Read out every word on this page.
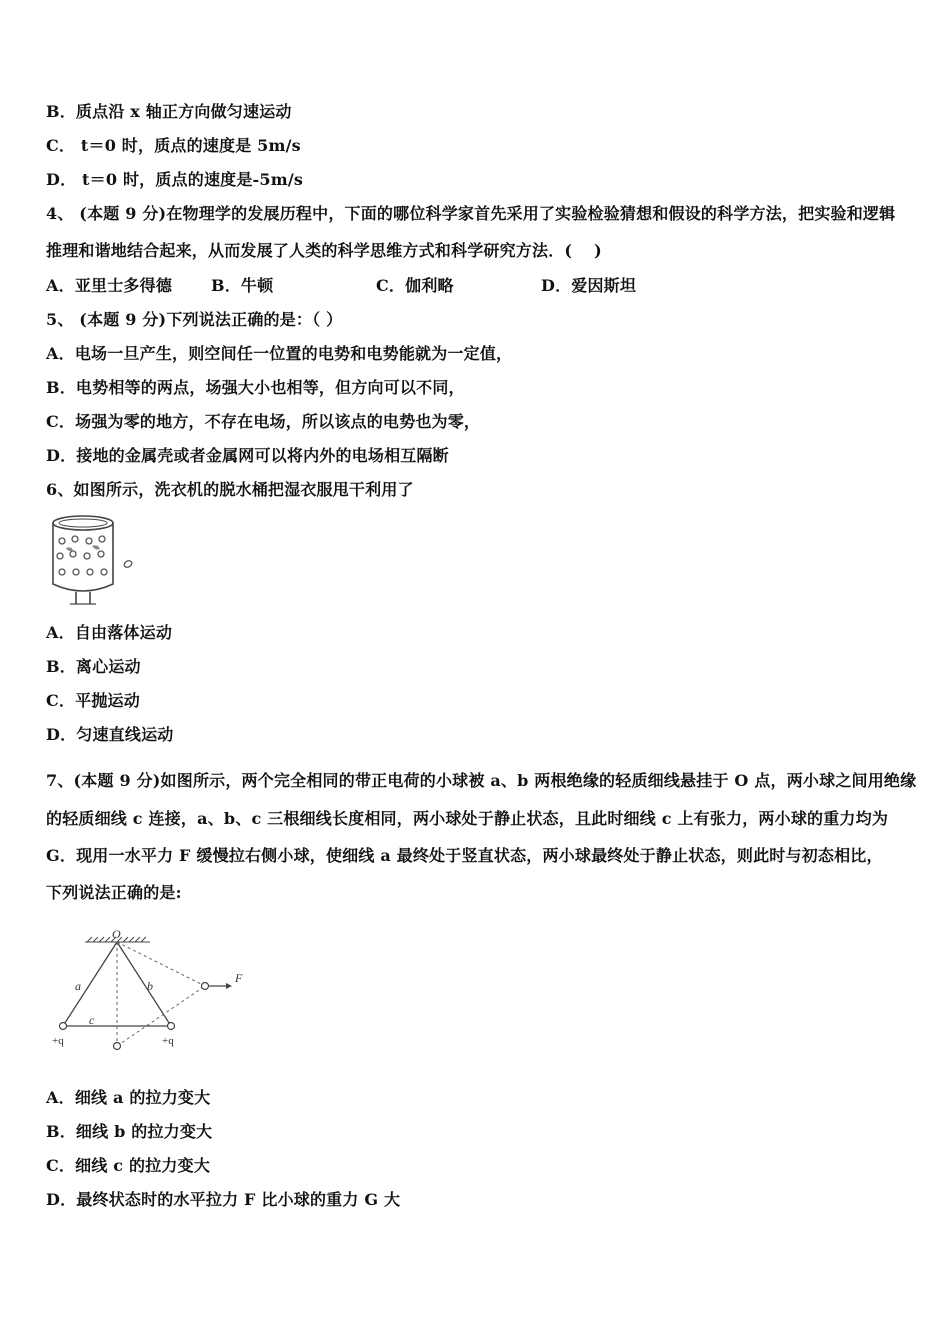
B．质点沿 x 轴正方向做匀速运动
C． t＝0 时，质点的速度是 5m/s
D． t＝0 时，质点的速度是-5m/s
4、 (本题 9 分)在物理学的发展历程中，下面的哪位科学家首先采用了实验检验猜想和假设的科学方法，把实验和逻辑
推理和谐地结合起来，从而发展了人类的科学思维方式和科学研究方法．(　 )
A．亚里士多得德 B．牛顿	C．伽利略	D．爱因斯坦
5、 (本题 9 分)下列说法正确的是：（ ）
A．电场一旦产生，则空间任一位置的电势和电势能就为一定值，
B．电势相等的两点，场强大小也相等，但方向可以不同，
C．场强为零的地方，不存在电场，所以该点的电势也为零，
D．接地的金属壳或者金属网可以将内外的电场相互隔断
6、如图所示，洗衣机的脱水桶把湿衣服甩干利用了
A．自由落体运动
B．离心运动
C．平抛运动
D．匀速直线运动
7、(本题 9 分)如图所示，两个完全相同的带正电荷的小球被 a、b 两根绝缘的轻质细线悬挂于 O 点，两小球之间用绝缘
的轻质细线 c 连接，a、b、c 三根细线长度相同，两小球处于静止状态，且此时细线 c 上有张力，两小球的重力均为
G．现用一水平力 F 缓慢拉右侧小球，使细线 a 最终处于竖直状态，两小球最终处于静止状态，则此时与初态相比，
下列说法正确的是:
O
a	b
c
F
+q	+q
A．细线 a 的拉力变大
B．细线 b 的拉力变大
C．细线 c 的拉力变大
D．最终状态时的水平拉力 F 比小球的重力 G 大
